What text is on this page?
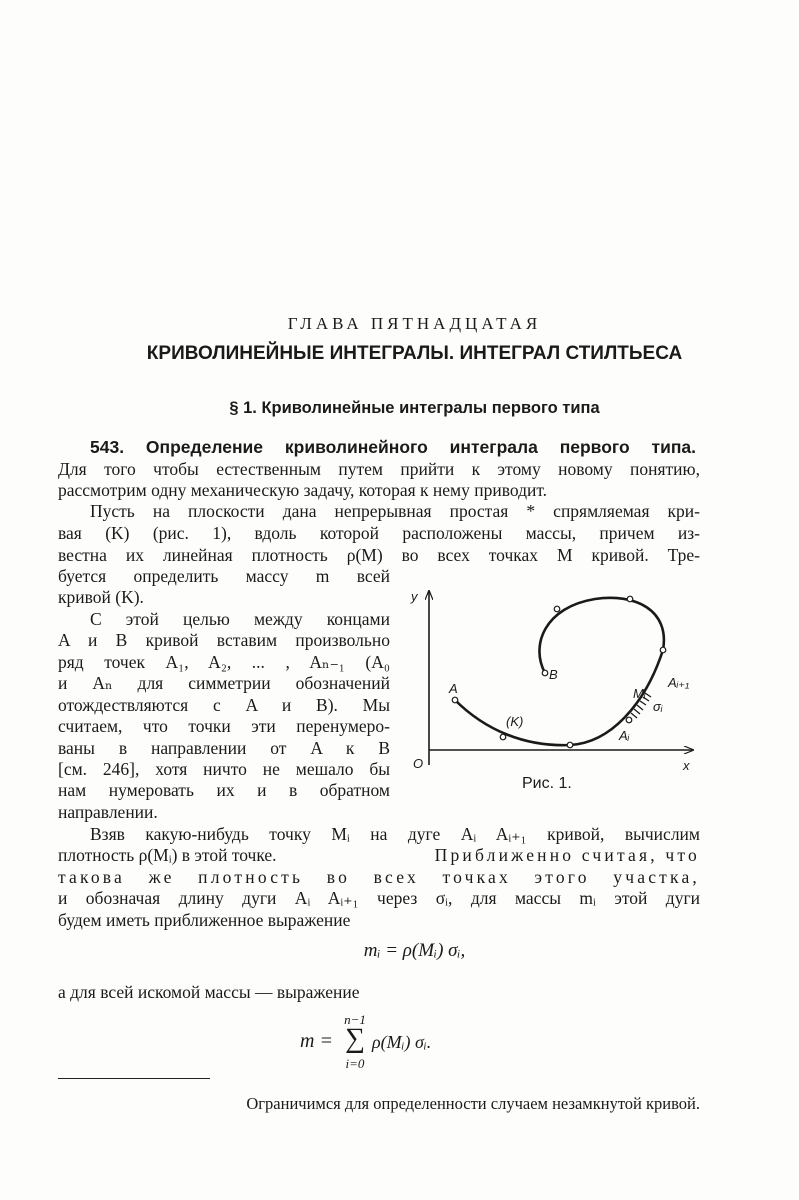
ГЛАВА ПЯТНАДЦАТАЯ
КРИВОЛИНЕЙНЫЕ ИНТЕГРАЛЫ. ИНТЕГРАЛ СТИЛТЬЕСА
§ 1. Криволинейные интегралы первого типа
543. Определение криволинейного интеграла первого типа.
Для того чтобы естественным путем прийти к этому новому понятию,
рассмотрим одну механическую задачу, которая к нему приводит.
Пусть на плоскости дана непрерывная простая * спрямляемая кри-
вая (K) (рис. 1), вдоль которой расположены массы, причем из-
вестна их линейная плотность ρ(M) во всех точках M кривой. Тре-
буется определить массу m всей
кривой (K).
С этой целью между концами
A и B кривой вставим произвольно
ряд точек A₁, A₂, ... , Aₙ₋₁ (A₀
и Aₙ для симметрии обозначений
отождествляются с A и B). Мы
считаем, что точки эти перенумеро-
ваны в направлении от A к B
[см. 246], хотя ничто не мешало бы
нам нумеровать их и в обратном
направлении.
y
x
O
A
B
(K)
Aᵢ
Aᵢ₊₁
Mᵢ
σᵢ
Рис. 1.
Взяв какую-нибудь точку Mᵢ на дуге Aᵢ Aᵢ₊₁ кривой, вычислим
плотность ρ(Mᵢ) в этой точке.	Приближенно считая, что
такова же плотность во всех точках этого участка,
и обозначая длину дуги Aᵢ Aᵢ₊₁ через σᵢ, для массы mᵢ этой дуги
будем иметь приближенное выражение
mᵢ = ρ(Mᵢ) σᵢ,
а для всей искомой массы — выражение
m =
n−1
∑
i=0
ρ(Mᵢ) σᵢ.
Ограничимся для определенности случаем незамкнутой кривой.
